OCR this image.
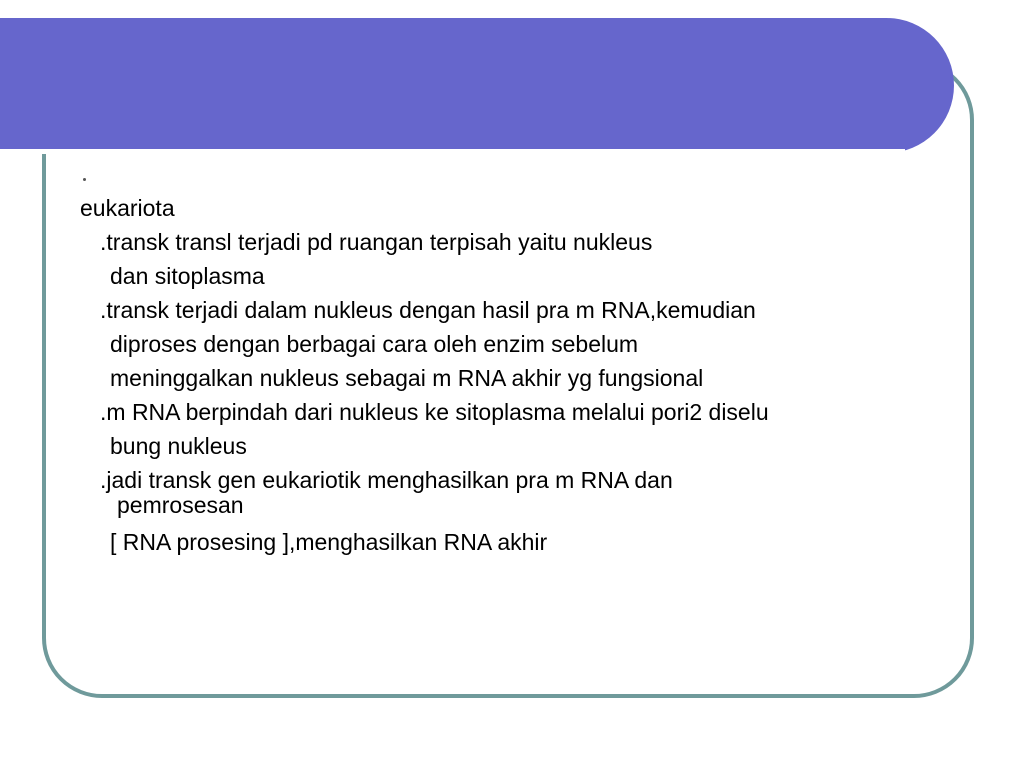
eukariota
.transk transl terjadi pd ruangan terpisah yaitu nukleus
dan sitoplasma
.transk terjadi dalam nukleus dengan hasil pra m RNA,kemudian
diproses dengan berbagai cara oleh enzim sebelum
meninggalkan nukleus sebagai m RNA akhir yg fungsional
.m RNA berpindah dari nukleus ke sitoplasma melalui pori2 diselu
bung nukleus
.jadi transk gen eukariotik menghasilkan pra m RNA dan
pemrosesan
[ RNA prosesing ],menghasilkan RNA akhir
